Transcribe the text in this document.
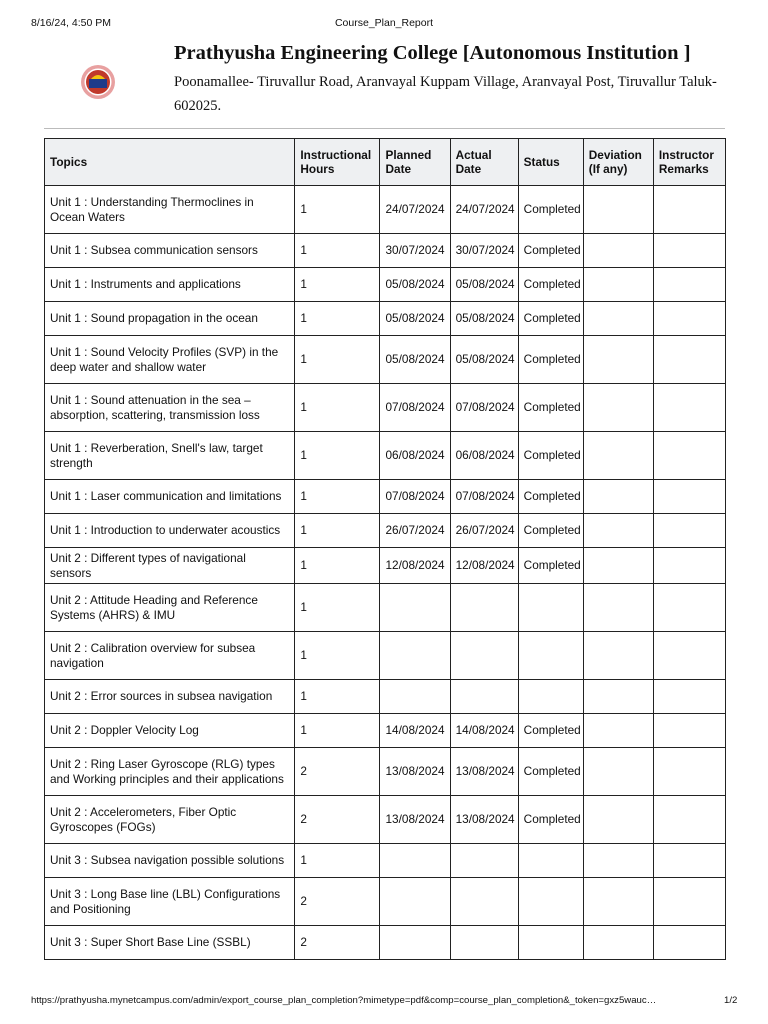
8/16/24, 4:50 PM	Course_Plan_Report
Prathyusha Engineering College [Autonomous Institution ]
Poonamallee- Tiruvallur Road, Aranvayal Kuppam Village, Aranvayal Post, Tiruvallur Taluk-
602025.
Topics	Instructional Hours	Planned Date	Actual Date	Status	Deviation (If any)	Instructor Remarks
Unit 1 : Understanding Thermoclines in Ocean Waters	1	24/07/2024	24/07/2024	Completed		
Unit 1 : Subsea communication sensors	1	30/07/2024	30/07/2024	Completed		
Unit 1 : Instruments and applications	1	05/08/2024	05/08/2024	Completed		
Unit 1 : Sound propagation in the ocean	1	05/08/2024	05/08/2024	Completed		
Unit 1 : Sound Velocity Profiles (SVP) in the deep water and shallow water	1	05/08/2024	05/08/2024	Completed		
Unit 1 : Sound attenuation in the sea – absorption, scattering, transmission loss	1	07/08/2024	07/08/2024	Completed		
Unit 1 : Reverberation, Snell's law, target strength	1	06/08/2024	06/08/2024	Completed		
Unit 1 : Laser communication and limitations	1	07/08/2024	07/08/2024	Completed		
Unit 1 : Introduction to underwater acoustics	1	26/07/2024	26/07/2024	Completed		
Unit 2 : Different types of navigational sensors	1	12/08/2024	12/08/2024	Completed		
Unit 2 : Attitude Heading and Reference Systems (AHRS) & IMU	1					
Unit 2 : Calibration overview for subsea navigation	1					
Unit 2 : Error sources in subsea navigation	1					
Unit 2 : Doppler Velocity Log	1	14/08/2024	14/08/2024	Completed		
Unit 2 : Ring Laser Gyroscope (RLG) types and Working principles and their applications	2	13/08/2024	13/08/2024	Completed		
Unit 2 : Accelerometers, Fiber Optic Gyroscopes (FOGs)	2	13/08/2024	13/08/2024	Completed		
Unit 3 : Subsea navigation possible solutions	1					
Unit 3 : Long Base line (LBL) Configurations and Positioning	2					
Unit 3 : Super Short Base Line (SSBL)	2					
https://prathyusha.mynetcampus.com/admin/export_course_plan_completion?mimetype=pdf&comp=course_plan_completion&_token=gxz5wauc…	1/2
